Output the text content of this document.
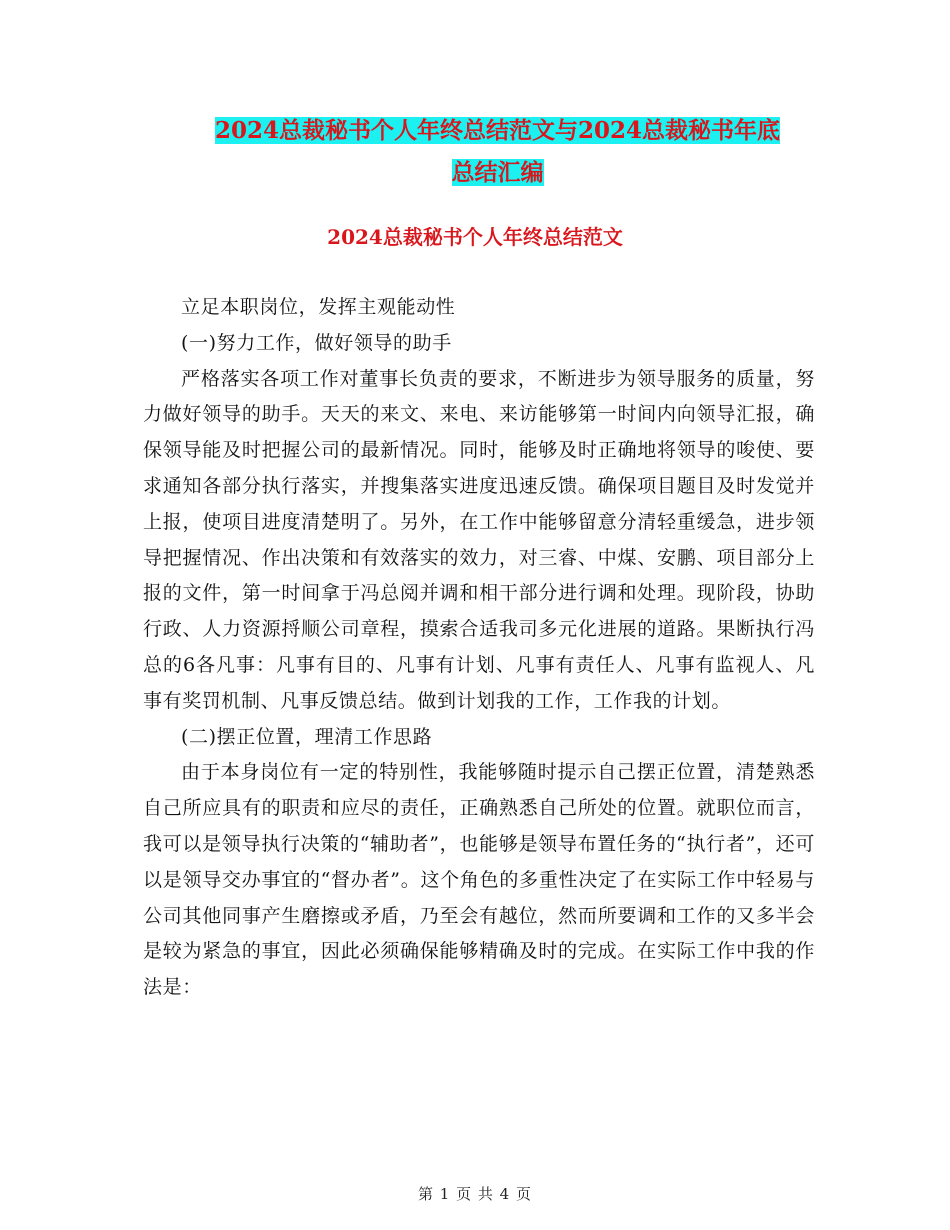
2024总裁秘书个人年终总结范文与2024总裁秘书年底
总结汇编
2024总裁秘书个人年终总结范文

立足本职岗位，发挥主观能动性

(一)努力工作，做好领导的助手

严格落实各项工作对董事长负责的要求，不断进步为领导服务的质量，努力做好领导的助手。天天的来文、来电、来访能够第一时间内向领导汇报，确保领导能及时把握公司的最新情况。同时，能够及时正确地将领导的唆使、要求通知各部分执行落实，并搜集落实进度迅速反馈。确保项目题目及时发觉并上报，使项目进度清楚明了。另外，在工作中能够留意分清轻重缓急，进步领导把握情况、作出决策和有效落实的效力，对三睿、中煤、安鹏、项目部分上报的文件，第一时间拿于冯总阅并调和相干部分进行调和处理。现阶段，协助行政、人力资源捋顺公司章程，摸索合适我司多元化进展的道路。果断执行冯总的6各凡事：凡事有目的、凡事有计划、凡事有责任人、凡事有监视人、凡事有奖罚机制、凡事反馈总结。做到计划我的工作，工作我的计划。

(二)摆正位置，理清工作思路

由于本身岗位有一定的特别性，我能够随时提示自己摆正位置，清楚熟悉自己所应具有的职责和应尽的责任，正确熟悉自己所处的位置。就职位而言，我可以是领导执行决策的“辅助者”，也能够是领导布置任务的“执行者”，还可以是领导交办事宜的“督办者”。这个角色的多重性决定了在实际工作中轻易与公司其他同事产生磨擦或矛盾，乃至会有越位，然而所要调和工作的又多半会是较为紧急的事宜，因此必须确保能够精确及时的完成。在实际工作中我的作法是：

第 1 页 共 4 页
